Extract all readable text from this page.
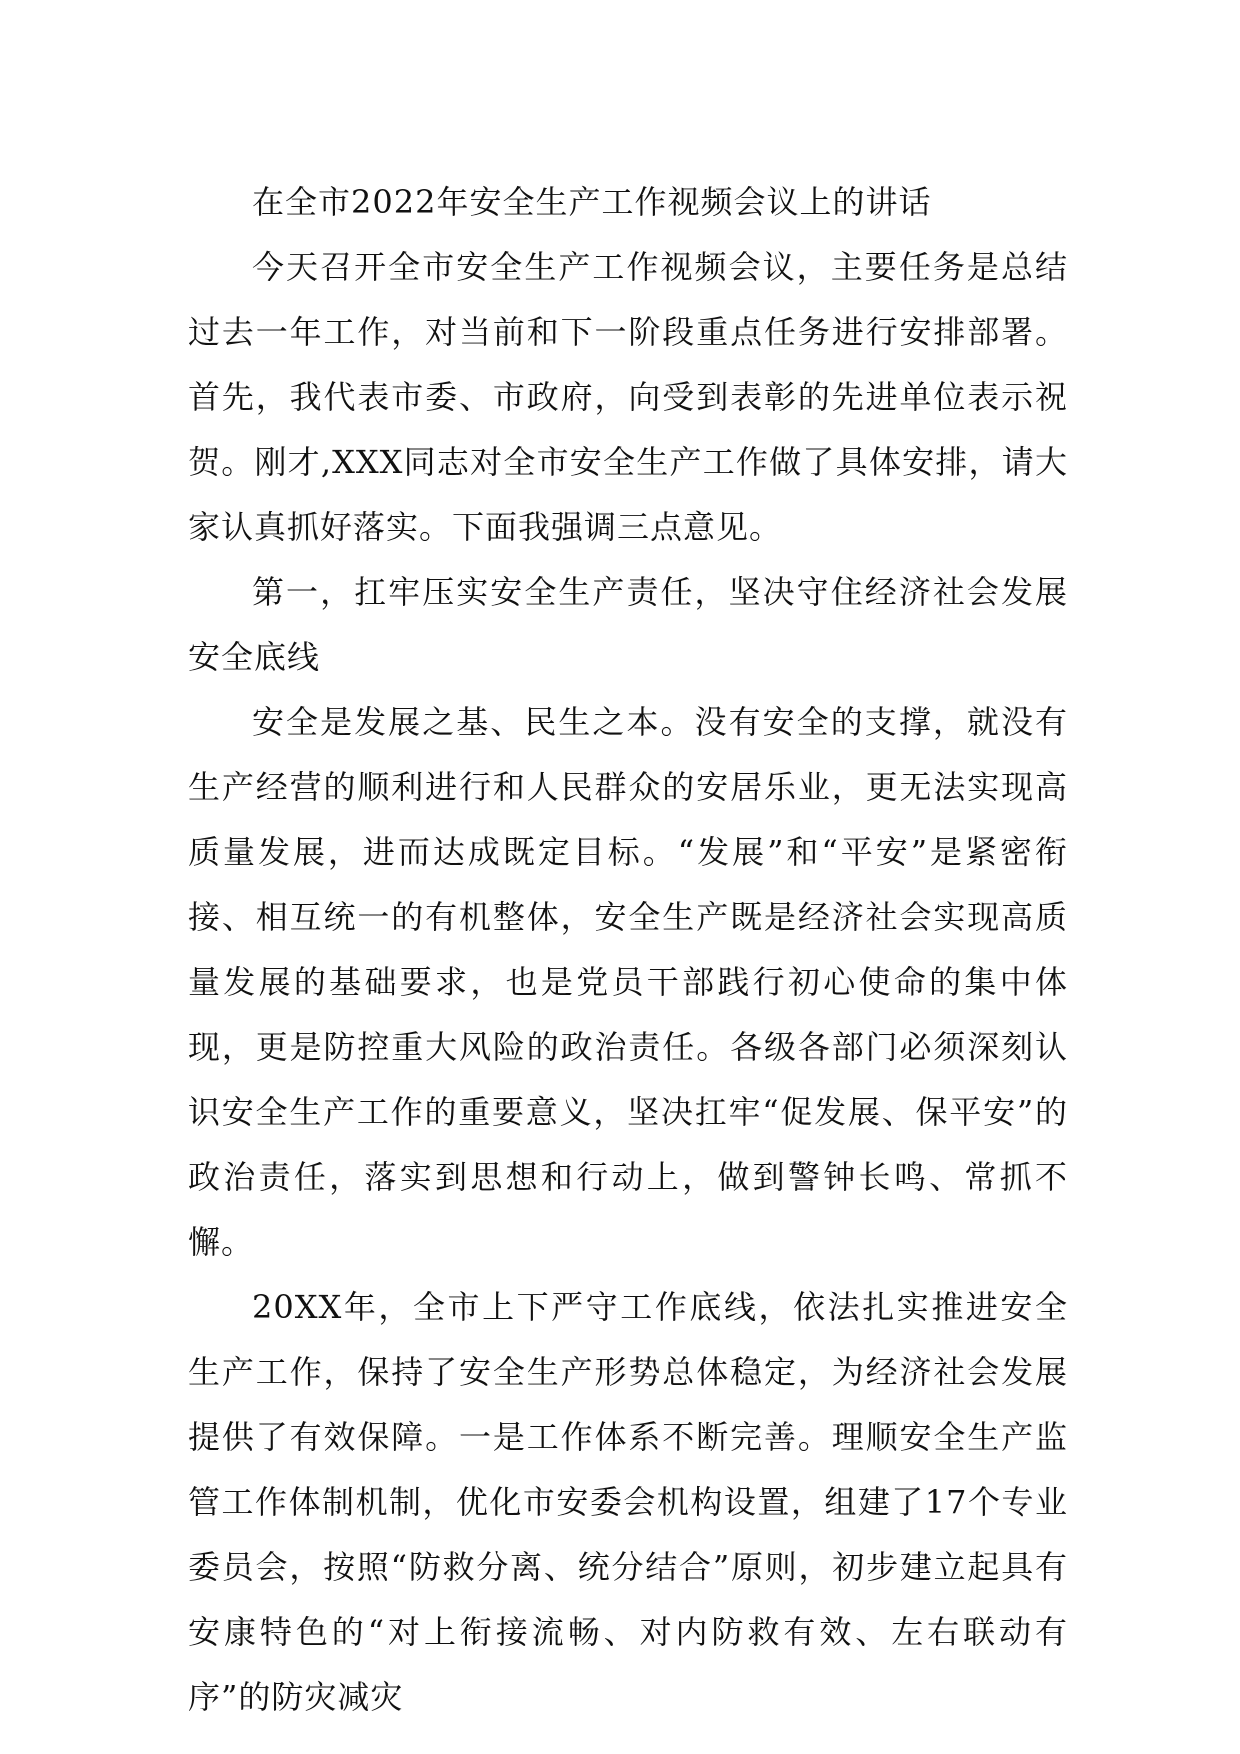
在全市2022年安全生产工作视频会议上的讲话

今天召开全市安全生产工作视频会议，主要任务是总结过去一年工作，对当前和下一阶段重点任务进行安排部署。首先，我代表市委、市政府，向受到表彰的先进单位表示祝贺。刚才,XXX同志对全市安全生产工作做了具体安排，请大家认真抓好落实。下面我强调三点意见。

第一，扛牢压实安全生产责任，坚决守住经济社会发展安全底线

安全是发展之基、民生之本。没有安全的支撑，就没有生产经营的顺利进行和人民群众的安居乐业，更无法实现高质量发展，进而达成既定目标。“发展”和“平安”是紧密衔接、相互统一的有机整体，安全生产既是经济社会实现高质量发展的基础要求，也是党员干部践行初心使命的集中体现，更是防控重大风险的政治责任。各级各部门必须深刻认识安全生产工作的重要意义，坚决扛牢“促发展、保平安”的政治责任，落实到思想和行动上，做到警钟长鸣、常抓不懈。

20XX年，全市上下严守工作底线，依法扎实推进安全生产工作，保持了安全生产形势总体稳定，为经济社会发展提供了有效保障。一是工作体系不断完善。理顺安全生产监管工作体制机制，优化市安委会机构设置，组建了17个专业委员会，按照“防救分离、统分结合”原则，初步建立起具有安康特色的“对上衔接流畅、对内防救有效、左右联动有序”的防灾减灾
